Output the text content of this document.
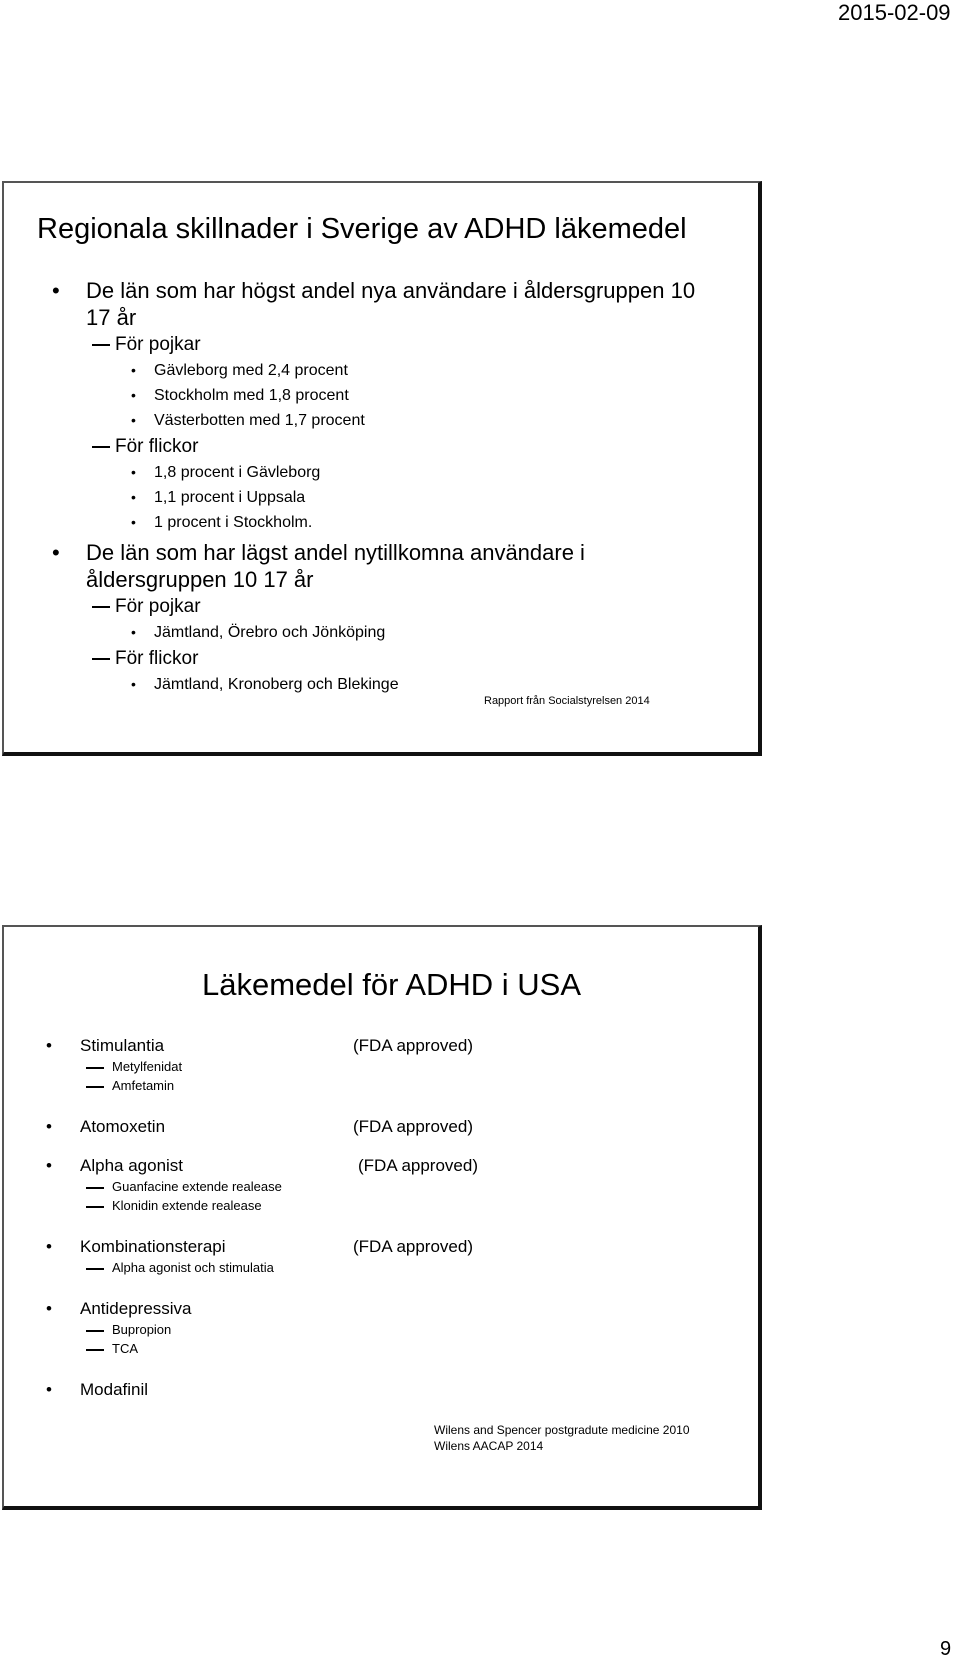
2015-02-09
Regionala skillnader i Sverige av ADHD läkemedel
• De län som har högst andel nya användare i åldersgruppen 10 17 år
För pojkar
• Gävleborg med 2,4 procent
• Stockholm med 1,8 procent
• Västerbotten med 1,7 procent
För flickor
• 1,8 procent i Gävleborg
• 1,1 procent i Uppsala
• 1 procent i Stockholm.
• De län som har lägst andel nytillkomna användare i åldersgruppen 10 17 år
För pojkar
• Jämtland, Örebro och Jönköping
För flickor
• Jämtland, Kronoberg och Blekinge
Rapport från Socialstyrelsen 2014
Läkemedel för ADHD i USA
• Stimulantia	(FDA approved)
Metylfenidat
Amfetamin
• Atomoxetin	(FDA approved)
• Alpha agonist	(FDA approved)
Guanfacine extende realease
Klonidin extende realease
• Kombinationsterapi	(FDA approved)
Alpha agonist och stimulatia
• Antidepressiva
Bupropion
TCA
• Modafinil
Wilens and Spencer postgradute medicine 2010
Wilens AACAP 2014
9
